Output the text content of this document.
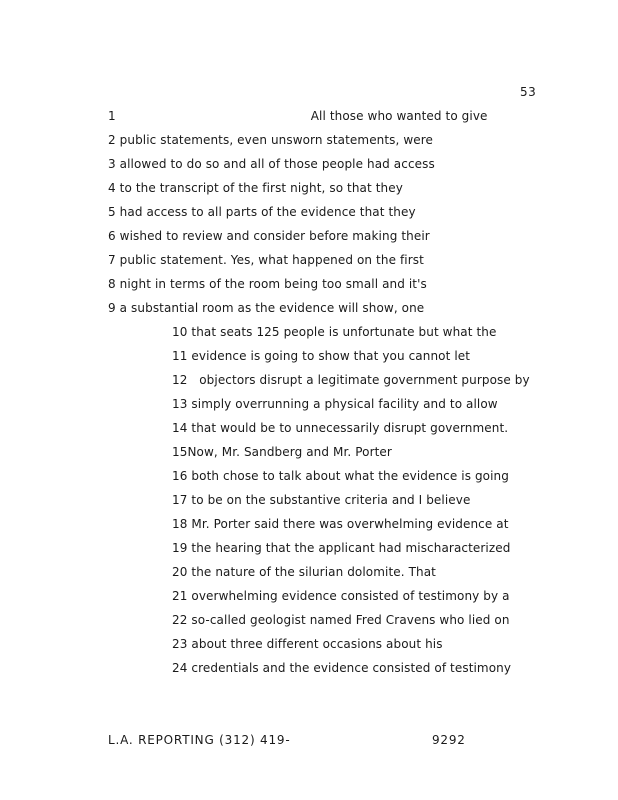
53
1	All those who wanted to give
2 public statements, even unsworn statements, were
3 allowed to do so and all of those people had access
4 to the transcript of the first night, so that they
5 had access to all parts of the evidence that they
6 wished to review and consider before making their
7 public statement. Yes, what happened on the first
8 night in terms of the room being too small and it's
9 a substantial room as the evidence will show, one
10 that seats 125 people is unfortunate but what the
11 evidence is going to show that you cannot let
12 objectors disrupt a legitimate government purpose by
13 simply overrunning a physical facility and to allow
14 that would be to unnecessarily disrupt government.
15Now, Mr. Sandberg and Mr. Porter
16 both chose to talk about what the evidence is going
17 to be on the substantive criteria and I believe
18 Mr. Porter said there was overwhelming evidence at
19 the hearing that the applicant had mischaracterized
20 the nature of the silurian dolomite. That
21 overwhelming evidence consisted of testimony by a
22 so-called geologist named Fred Cravens who lied on
23 about three different occasions about his
24 credentials and the evidence consisted of testimony
L.A. REPORTING (312) 419-	9292
